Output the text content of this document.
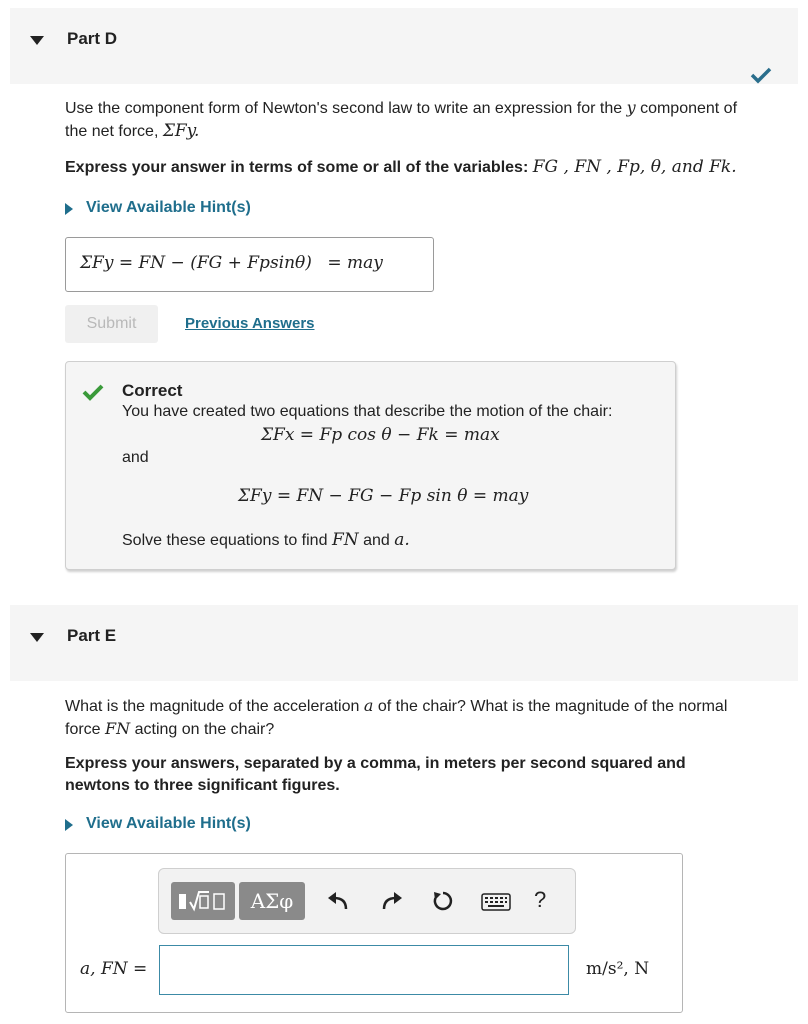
Part D
Use the component form of Newton's second law to write an expression for the y component of
the net force, ΣFy.
Express your answer in terms of some or all of the variables: FG , FN , Fp, θ, and Fk.
View Available Hint(s)
ΣFy = FN − (FG + Fpsinθ) = may
Submit	Previous Answers
Correct
You have created two equations that describe the motion of the chair:
ΣFx = Fp cos θ − Fk = max
and
ΣFy = FN − FG − Fp sin θ = may
Solve these equations to find FN and a.
Part E
What is the magnitude of the acceleration a of the chair? What is the magnitude of the normal
force FN acting on the chair?
Express your answers, separated by a comma, in meters per second squared and
newtons to three significant figures.
View Available Hint(s)
ΑΣφ	?
a, FN =	m/s², N
